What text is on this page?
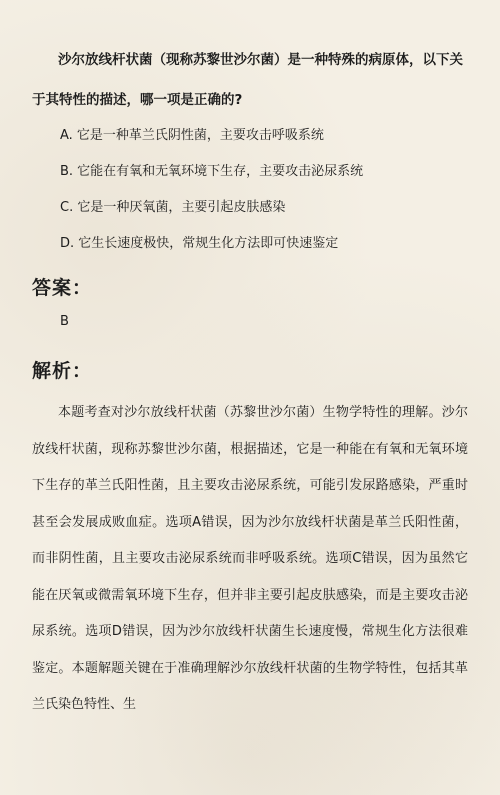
沙尔放线杆状菌（现称苏黎世沙尔菌）是一种特殊的病原体，以下关于其特性的描述，哪一项是正确的?

A. 它是一种革兰氏阴性菌，主要攻击呼吸系统
B. 它能在有氧和无氧环境下生存，主要攻击泌尿系统
C. 它是一种厌氧菌，主要引起皮肤感染
D. 它生长速度极快，常规生化方法即可快速鉴定
答案：
B
解析：

本题考查对沙尔放线杆状菌（苏黎世沙尔菌）生物学特性的理解。沙尔放线杆状菌，现称苏黎世沙尔菌，根据描述，它是一种能在有氧和无氧环境下生存的革兰氏阳性菌，且主要攻击泌尿系统，可能引发尿路感染，严重时甚至会发展成败血症。选项A错误，因为沙尔放线杆状菌是革兰氏阳性菌，而非阴性菌，且主要攻击泌尿系统而非呼吸系统。选项C错误，因为虽然它能在厌氧或微需氧环境下生存，但并非主要引起皮肤感染，而是主要攻击泌尿系统。选项D错误，因为沙尔放线杆状菌生长速度慢，常规生化方法很难鉴定。本题解题关键在于准确理解沙尔放线杆状菌的生物学特性，包括其革兰氏染色特性、生
